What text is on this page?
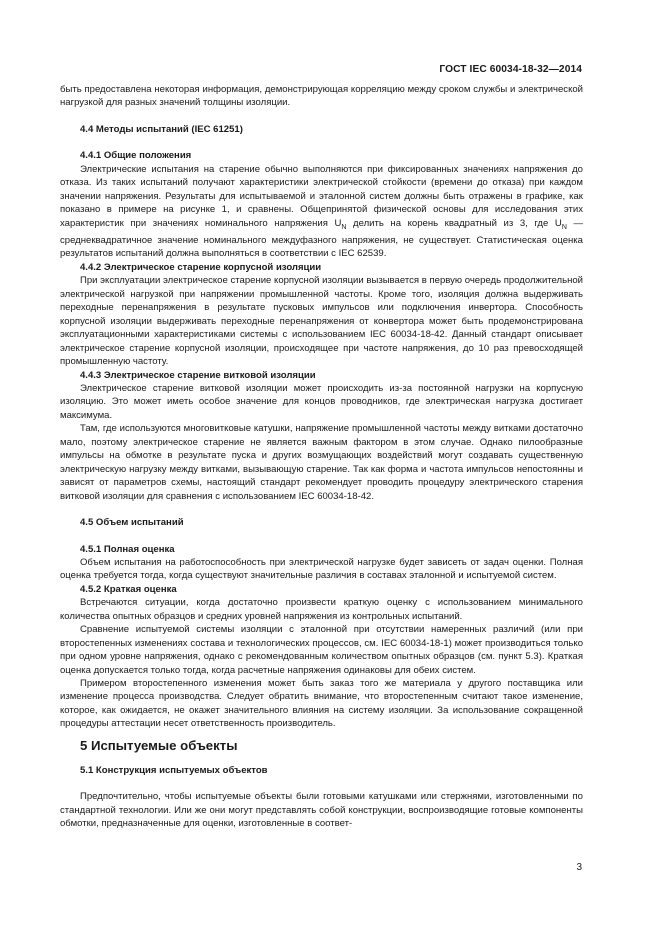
ГОСТ IEC 60034-18-32—2014

быть предоставлена некоторая информация, демонстрирующая корреляцию между сроком службы и электрической нагрузкой для разных значений толщины изоляции.

4.4 Методы испытаний (IEC 61251)
4.4.1 Общие положения

Электрические испытания на старение обычно выполняются при фиксированных значениях напряжения до отказа. Из таких испытаний получают характеристики электрической стойкости (времени до отказа) при каждом значении напряжения. Результаты для испытываемой и эталонной систем должны быть отражены в графике, как показано в примере на рисунке 1, и сравнены. Общепринятой физической основы для исследования этих характеристик при значениях номинального напряжения $U_N$ делить на корень квадратный из 3, где $U_N$ — среднеквадратичное значение номинального междуфазного напряжения, не существует. Статистическая оценка результатов испытаний должна выполняться в соответствии с IEC 62539.

4.4.2 Электрическое старение корпусной изоляции

При эксплуатации электрическое старение корпусной изоляции вызывается в первую очередь продолжительной электрической нагрузкой при напряжении промышленной частоты. Кроме того, изоляция должна выдерживать переходные перенапряжения в результате пусковых импульсов или подключения инвертора. Способность корпусной изоляции выдерживать переходные перенапряжения от конвертора может быть продемонстрирована эксплуатационными характеристиками системы с использованием IEC 60034-18-42. Данный стандарт описывает электрическое старение корпусной изоляции, происходящее при частоте напряжения, до 10 раз превосходящей промышленную частоту.

4.4.3 Электрическое старение витковой изоляции

Электрическое старение витковой изоляции может происходить из-за постоянной нагрузки на корпусную изоляцию. Это может иметь особое значение для концов проводников, где электрическая нагрузка достигает максимума.

Там, где используются многовитковые катушки, напряжение промышленной частоты между витками достаточно мало, поэтому электрическое старение не является важным фактором в этом случае. Однако пилообразные импульсы на обмотке в результате пуска и других возмущающих воздействий могут создавать существенную электрическую нагрузку между витками, вызывающую старение. Так как форма и частота импульсов непостоянны и зависят от параметров схемы, настоящий стандарт рекомендует проводить процедуру электрического старения витковой изоляции для сравнения с использованием IEC 60034-18-42.

4.5 Объем испытаний
4.5.1 Полная оценка

Объем испытания на работоспособность при электрической нагрузке будет зависеть от задач оценки. Полная оценка требуется тогда, когда существуют значительные различия в составах эталонной и испытуемой систем.

4.5.2 Краткая оценка

Встречаются ситуации, когда достаточно произвести краткую оценку с использованием минимального количества опытных образцов и средних уровней напряжения из контрольных испытаний.

Сравнение испытуемой системы изоляции с эталонной при отсутствии намеренных различий (или при второстепенных изменениях состава и технологических процессов, см. IEC 60034-18-1) может производиться только при одном уровне напряжения, однако с рекомендованным количеством опытных образцов (см. пункт 5.3). Краткая оценка допускается только тогда, когда расчетные напряжения одинаковы для обеих систем.

Примером второстепенного изменения может быть заказ того же материала у другого поставщика или изменение процесса производства. Следует обратить внимание, что второстепенным считают такое изменение, которое, как ожидается, не окажет значительного влияния на систему изоляции. За использование сокращенной процедуры аттестации несет ответственность производитель.

5 Испытуемые объекты
5.1 Конструкция испытуемых объектов

Предпочтительно, чтобы испытуемые объекты были готовыми катушками или стержнями, изготовленными по стандартной технологии. Или же они могут представлять собой конструкции, воспроизводящие готовые компоненты обмотки, предназначенные для оценки, изготовленные в соответ-

3
